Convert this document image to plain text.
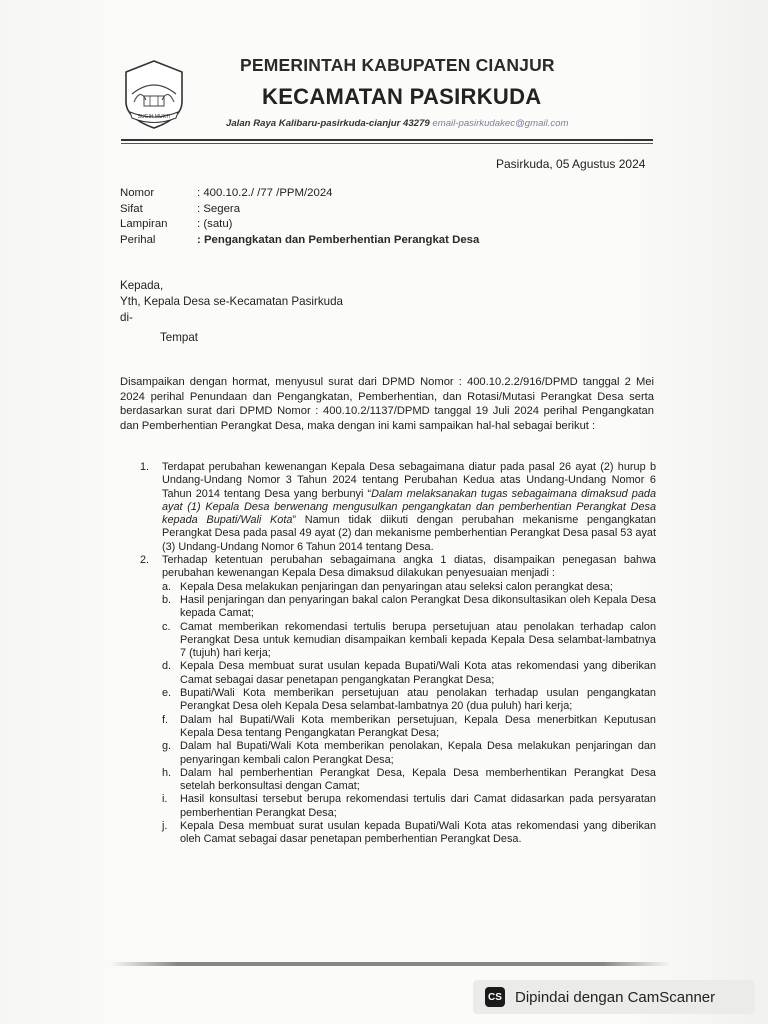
SUGIH MUKTI
PEMERINTAH KABUPATEN CIANJUR
KECAMATAN PASIRKUDA
Jalan Raya Kalibaru-pasirkuda-cianjur 43279 email-pasirkudakec@gmail.com
Pasirkuda, 05 Agustus 2024
Nomor	: 400.10.2./ /77 /PPM/2024
Sifat	: Segera
Lampiran	: (satu)
Perihal	: Pengangkatan dan Pemberhentian Perangkat Desa
Kepada,
Yth, Kepala Desa se-Kecamatan Pasirkuda
di-
Tempat
Disampaikan dengan hormat, menyusul surat dari DPMD Nomor : 400.10.2.2/916/DPMD tanggal 2 Mei 2024 perihal Penundaan dan Pengangkatan, Pemberhentian, dan Rotasi/Mutasi Perangkat Desa serta berdasarkan surat dari DPMD Nomor : 400.10.2/1137/DPMD tanggal 19 Juli 2024 perihal Pengangkatan dan Pemberhentian Perangkat Desa, maka dengan ini kami sampaikan hal-hal sebagai berikut :
1.	Terdapat perubahan kewenangan Kepala Desa sebagaimana diatur pada pasal 26 ayat (2) hurup b Undang-Undang Nomor 3 Tahun 2024 tentang Perubahan Kedua atas Undang-Undang Nomor 6 Tahun 2014 tentang Desa yang berbunyi “Dalam melaksanakan tugas sebagaimana dimaksud pada ayat (1) Kepala Desa berwenang mengusulkan pengangkatan dan pemberhentian Perangkat Desa kepada Bupati/Wali Kota” Namun tidak diikuti dengan perubahan mekanisme pengangkatan Perangkat Desa pada pasal 49 ayat (2) dan mekanisme pemberhentian Perangkat Desa pasal 53 ayat (3) Undang-Undang Nomor 6 Tahun 2014 tentang Desa.
2.	Terhadap ketentuan perubahan sebagaimana angka 1 diatas, disampaikan penegasan bahwa perubahan kewenangan Kepala Desa dimaksud dilakukan penyesuaian menjadi :
a. Kepala Desa melakukan penjaringan dan penyaringan atau seleksi calon perangkat desa;
b. Hasil penjaringan dan penyaringan bakal calon Perangkat Desa dikonsultasikan oleh Kepala Desa kepada Camat;
c. Camat memberikan rekomendasi tertulis berupa persetujuan atau penolakan terhadap calon Perangkat Desa untuk kemudian disampaikan kembali kepada Kepala Desa selambat-lambatnya 7 (tujuh) hari kerja;
d. Kepala Desa membuat surat usulan kepada Bupati/Wali Kota atas rekomendasi yang diberikan Camat sebagai dasar penetapan pengangkatan Perangkat Desa;
e. Bupati/Wali Kota memberikan persetujuan atau penolakan terhadap usulan pengangkatan Perangkat Desa oleh Kepala Desa selambat-lambatnya 20 (dua puluh) hari kerja;
f.	Dalam hal Bupati/Wali Kota memberikan persetujuan, Kepala Desa menerbitkan Keputusan Kepala Desa tentang Pengangkatan Perangkat Desa;
g. Dalam hal Bupati/Wali Kota memberikan penolakan, Kepala Desa melakukan penjaringan dan penyaringan kembali calon Perangkat Desa;
h. Dalam hal pemberhentian Perangkat Desa, Kepala Desa memberhentikan Perangkat Desa setelah berkonsultasi dengan Camat;
i.	Hasil konsultasi tersebut berupa rekomendasi tertulis dari Camat didasarkan pada persyaratan pemberhentian Perangkat Desa;
j.	Kepala Desa membuat surat usulan kepada Bupati/Wali Kota atas rekomendasi yang diberikan oleh Camat sebagai dasar penetapan pemberhentian Perangkat Desa.
CS Dipindai dengan CamScanner
